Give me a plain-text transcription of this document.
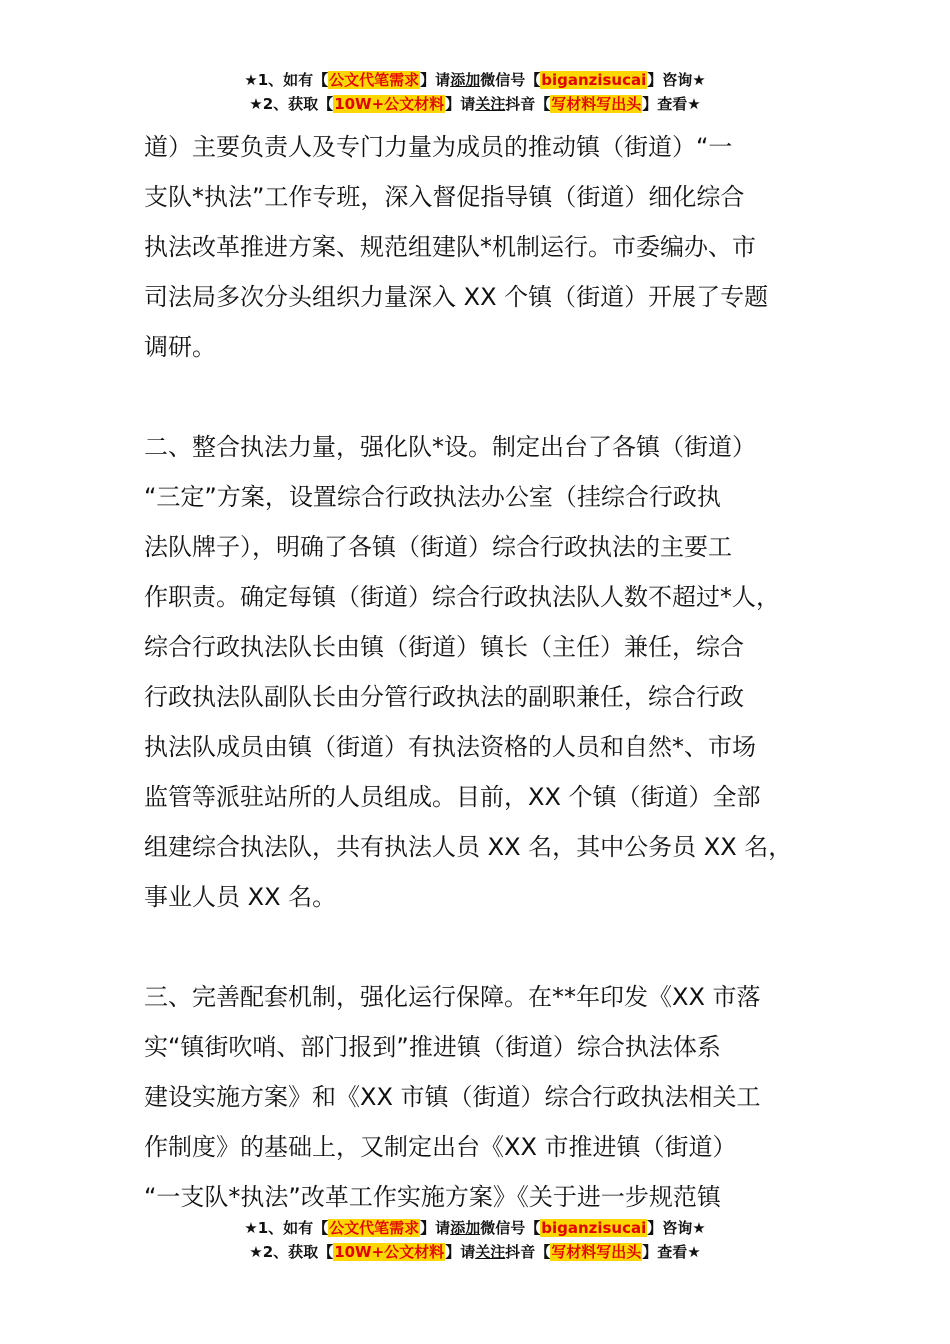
★1、如有【公文代笔需求】请添加微信号【biganzisucai】咨询★
★2、获取【10W+公文材料】请关注抖音【写材料写出头】查看★
道）主要负责人及专门力量为成员的推动镇（街道）“一
支队*执法”工作专班，深入督促指导镇（街道）细化综合
执法改革推进方案、规范组建队*机制运行。市委编办、市
司法局多次分头组织力量深入 XX 个镇（街道）开展了专题
调研。
二、整合执法力量，强化队*设。制定出台了各镇（街道）
“三定”方案，设置综合行政执法办公室（挂综合行政执
法队牌子），明确了各镇（街道）综合行政执法的主要工
作职责。确定每镇（街道）综合行政执法队人数不超过*人，
综合行政执法队长由镇（街道）镇长（主任）兼任，综合
行政执法队副队长由分管行政执法的副职兼任，综合行政
执法队成员由镇（街道）有执法资格的人员和自然*、市场
监管等派驻站所的人员组成。目前，XX 个镇（街道）全部
组建综合执法队，共有执法人员 XX 名，其中公务员 XX 名，
事业人员 XX 名。
三、完善配套机制，强化运行保障。在**年印发《XX 市落
实“镇街吹哨、部门报到”推进镇（街道）综合执法体系
建设实施方案》和《XX 市镇（街道）综合行政执法相关工
作制度》的基础上，又制定出台《XX 市推进镇（街道）
“一支队*执法”改革工作实施方案》《关于进一步规范镇
★1、如有【公文代笔需求】请添加微信号【biganzisucai】咨询★
★2、获取【10W+公文材料】请关注抖音【写材料写出头】查看★
